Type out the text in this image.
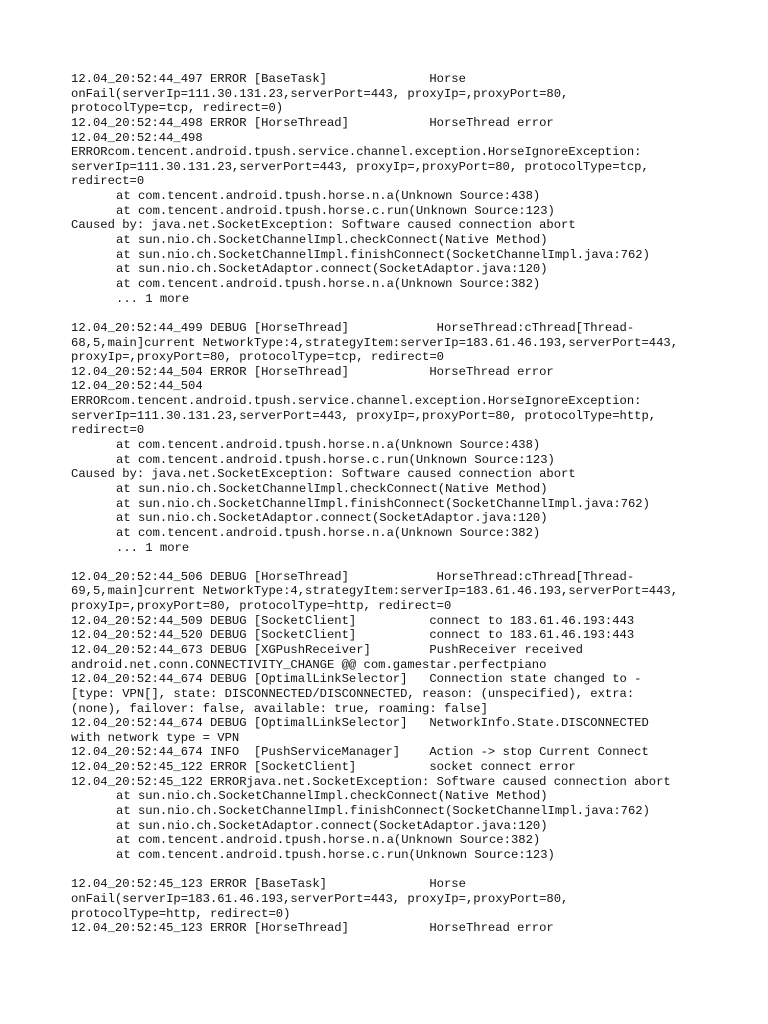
12.04_20:52:44_497 ERROR [BaseTask]              Horse
onFail(serverIp=111.30.131.23,serverPort=443, proxyIp=,proxyPort=80,
protocolType=tcp, redirect=0)
12.04_20:52:44_498 ERROR [HorseThread]           HorseThread error
12.04_20:52:44_498
ERRORcom.tencent.android.tpush.service.channel.exception.HorseIgnoreException:
serverIp=111.30.131.23,serverPort=443, proxyIp=,proxyPort=80, protocolType=tcp,
redirect=0
at com.tencent.android.tpush.horse.n.a(Unknown Source:438)
at com.tencent.android.tpush.horse.c.run(Unknown Source:123)
Caused by: java.net.SocketException: Software caused connection abort
at sun.nio.ch.SocketChannelImpl.checkConnect(Native Method)
at sun.nio.ch.SocketChannelImpl.finishConnect(SocketChannelImpl.java:762)
at sun.nio.ch.SocketAdaptor.connect(SocketAdaptor.java:120)
at com.tencent.android.tpush.horse.n.a(Unknown Source:382)
... 1 more
12.04_20:52:44_499 DEBUG [HorseThread]            HorseThread:cThread[Thread-
68,5,main]current NetworkType:4,strategyItem:serverIp=183.61.46.193,serverPort=443,
proxyIp=,proxyPort=80, protocolType=tcp, redirect=0
12.04_20:52:44_504 ERROR [HorseThread]           HorseThread error
12.04_20:52:44_504
ERRORcom.tencent.android.tpush.service.channel.exception.HorseIgnoreException:
serverIp=111.30.131.23,serverPort=443, proxyIp=,proxyPort=80, protocolType=http,
redirect=0
at com.tencent.android.tpush.horse.n.a(Unknown Source:438)
at com.tencent.android.tpush.horse.c.run(Unknown Source:123)
Caused by: java.net.SocketException: Software caused connection abort
at sun.nio.ch.SocketChannelImpl.checkConnect(Native Method)
at sun.nio.ch.SocketChannelImpl.finishConnect(SocketChannelImpl.java:762)
at sun.nio.ch.SocketAdaptor.connect(SocketAdaptor.java:120)
at com.tencent.android.tpush.horse.n.a(Unknown Source:382)
... 1 more
12.04_20:52:44_506 DEBUG [HorseThread]            HorseThread:cThread[Thread-
69,5,main]current NetworkType:4,strategyItem:serverIp=183.61.46.193,serverPort=443,
proxyIp=,proxyPort=80, protocolType=http, redirect=0
12.04_20:52:44_509 DEBUG [SocketClient]          connect to 183.61.46.193:443
12.04_20:52:44_520 DEBUG [SocketClient]          connect to 183.61.46.193:443
12.04_20:52:44_673 DEBUG [XGPushReceiver]        PushReceiver received
android.net.conn.CONNECTIVITY_CHANGE @@ com.gamestar.perfectpiano
12.04_20:52:44_674 DEBUG [OptimalLinkSelector]   Connection state changed to -
[type: VPN[], state: DISCONNECTED/DISCONNECTED, reason: (unspecified), extra:
(none), failover: false, available: true, roaming: false]
12.04_20:52:44_674 DEBUG [OptimalLinkSelector]   NetworkInfo.State.DISCONNECTED
with network type = VPN
12.04_20:52:44_674 INFO  [PushServiceManager]    Action -> stop Current Connect
12.04_20:52:45_122 ERROR [SocketClient]          socket connect error
12.04_20:52:45_122 ERRORjava.net.SocketException: Software caused connection abort
at sun.nio.ch.SocketChannelImpl.checkConnect(Native Method)
at sun.nio.ch.SocketChannelImpl.finishConnect(SocketChannelImpl.java:762)
at sun.nio.ch.SocketAdaptor.connect(SocketAdaptor.java:120)
at com.tencent.android.tpush.horse.n.a(Unknown Source:382)
at com.tencent.android.tpush.horse.c.run(Unknown Source:123)
12.04_20:52:45_123 ERROR [BaseTask]              Horse
onFail(serverIp=183.61.46.193,serverPort=443, proxyIp=,proxyPort=80,
protocolType=http, redirect=0)
12.04_20:52:45_123 ERROR [HorseThread]           HorseThread error
